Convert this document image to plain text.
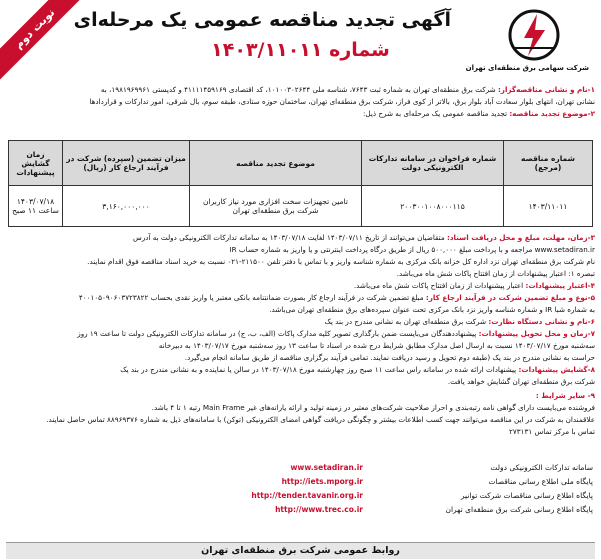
نوبت دوم
شرکت سهامی برق منطقه‌ای تهران
آگهی تجدید مناقصه عمومی یک مرحله‌ای
شماره ۱۴۰۳/۱۱۰۱۱
۱-نام و نشانی مناقصه‌گزار: شرکت برق منطقه‌ای تهران به شماره ثبت ۷۶۴۳، شناسه ملی ۱۰۱۰۰۳۰۲۶۴۴، کد اقتصادی ۴۱۱۱۱۴۵۹۱۶۹ و کدپستی ۱۹۸۱۹۶۹۹۶۱، به
نشانی تهران، انتهای بلوار سعادت آباد بلوار برق، بالاتر از کوی فراز، شرکت برق منطقه‌ای تهران، ساختمان حوزه ستادی، طبقه سوم، بال شرقی، امور تدارکات و قراردادها
۲-موضوع تجدید مناقصه: تجدید مناقصه عمومی یک مرحله‌ای به شرح ذیل:
شماره مناقصه (مرجع)	شماره فراخوان در سامانه تدارکات الکترونیکی دولت	موضوع تجدید مناقصه	میزان تضمین (سپرده) شرکت در فرآیند ارجاع کار (ریال)	زمان گشایش پیشنهادات
۱۴۰۳/۱۱۰۱۱	۲۰۰۳۰۰۱۰۰۸۰۰۰۱۱۵	تامین تجهیزات سخت افزاری مورد نیاز کاربران شرکت برق منطقه‌ای تهران	۳,۱۶۰,۰۰۰,۰۰۰	۱۴۰۳/۰۷/۱۸ ساعت ۱۱ صبح
۳-زمان، مهلت، مبلغ و محل دریافت اسناد: متقاضیان می‌توانند از تاریخ ۱۴۰۳/۰۷/۱۱ لغایت ۱۴۰۳/۰۷/۱۸ به سامانه تدارکات الکترونیکی دولت به آدرس
www.setadiran.ir مراجعه و با پرداخت مبلغ ۵۰۰,۰۰۰ ریال از طریق درگاه پرداخت اینترنتی و یا واریز به شماره حساب IR
نام شرکت برق منطقه‌ای تهران نزد اداره کل خزانه بانک مرکزی به شماره شناسه واریز و با تماس با دفتر تلفن ۲۱۱۵۰۰-۰۲۱ نسبت به خرید اسناد مناقصه فوق اقدام نمایند.
تبصره ۱: اعتبار پیشنهادات از زمان افتتاح پاکات شش ماه می‌باشد.
۴-اعتبار پیشنهادات: اعتبار پیشنهادات از زمان افتتاح پاکات شش ماه می‌باشد.
۵-نوع و مبلغ تضمین شرکت در فرآیند ارجاع کار: مبلغ تضمین شرکت در فرآیند ارجاع کار بصورت ضمانتنامه بانکی معتبر یا واریز نقدی بحساب ۴۰۰۱۰۵۰۹۰۶۰۳۷۲۳۸۲۲
به شماره شبا IR و شماره شناسه واریز نزد بانک مرکزی تحت عنوان سپرده‌های برق منطقه‌ای تهران می‌باشد.
۶-نام و نشانی دستگاه نظارت: شرکت برق منطقه‌ای تهران به نشانی مندرج در بند یک
۷-زمان و محل تحویل پیشنهادات: پیشنهاددهندگان می‌بایست ضمن بارگذاری تصویر کلیه مدارک پاکات (الف، ب، ج) در سامانه تدارکات الکترونیکی دولت تا ساعت ۱۹ روز
سه‌شنبه مورخ ۱۴۰۳/۰۷/۱۷ نسبت به ارسال اصل مدارک مطابق شرایط درج شده در اسناد تا ساعت ۱۳ روز سه‌شنبه مورخ ۱۴۰۳/۰۷/۱۷ به دبیرخانه
حراست به نشانی مندرج در بند یک (طبقه دوم تحویل و رسید دریافت نمایند. تمامی فرآیند برگزاری مناقصه از طریق سامانه انجام می‌گیرد.
۸-گشایش پیشنهادات: پیشنهادات ارائه شده در سامانه راس ساعت ۱۱ صبح روز چهارشنبه مورخ ۱۴۰۳/۰۷/۱۸ در سالن یا نماینده و به نشانی مندرج در بند یک
شرکت برق منطقه‌ای تهران گشایش خواهد یافت.
۹- سایر شرایط :
فروشنده می‌بایست دارای گواهی نامه رتبه‌بندی و احراز صلاحیت شرکت‌های معتبر در زمینه تولید و ارائه یارانه‌های غیر Main Frame رتبه ۱ تا ۴ باشد.
علاقمندان به شرکت در این مناقصه می‌توانند جهت کسب اطلاعات بیشتر و چگونگی دریافت گواهی امضای الکترونیکی (توکن) با سامانه‌های ذیل به شماره ۸۸۹۶۹۳۷۶ تماس حاصل نمایند.
تماس با مرکز تماس ۲۷۳۱۳۱
سامانه تدارکات الکترونیکی دولت
www.setadiran.ir
پایگاه ملی اطلاع رسانی مناقصات
http://iets.mporg.ir
پایگاه اطلاع رسانی مناقصات شرکت توانیر
http://tender.tavanir.org.ir
پایگاه اطلاع رسانی شرکت برق منطقه‌ای تهران
http://www.trec.co.ir
روابط عمومی شرکت برق منطقه‌ای تهران
